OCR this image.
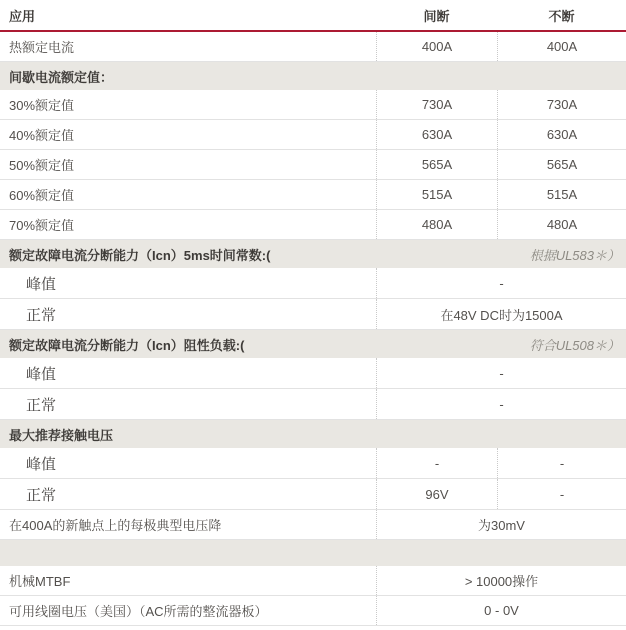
应用	间断	不断
热额定电流	400A	400A
间歇电流额定值：
30%额定值	730A	730A
40%额定值	630A	630A
50%额定值	565A	565A
60%额定值	515A	515A
70%额定值	480A	480A
额定故障电流分断能力（Icn）5ms时间常数:(	根据UL583＊）
峰值	-
正常	在48V DC时为1500A
额定故障电流分断能力（Icn）阻性负载:(	符合UL508＊）
峰值	-
正常	-
最大推荐接触电压
峰值	-	-
正常	96V	-
在400A的新触点上的每极典型电压降	为30mV
机械MTBF	> 10000操作
可用线圈电压（美国）（AC所需的整流器板）	0 - 0V
